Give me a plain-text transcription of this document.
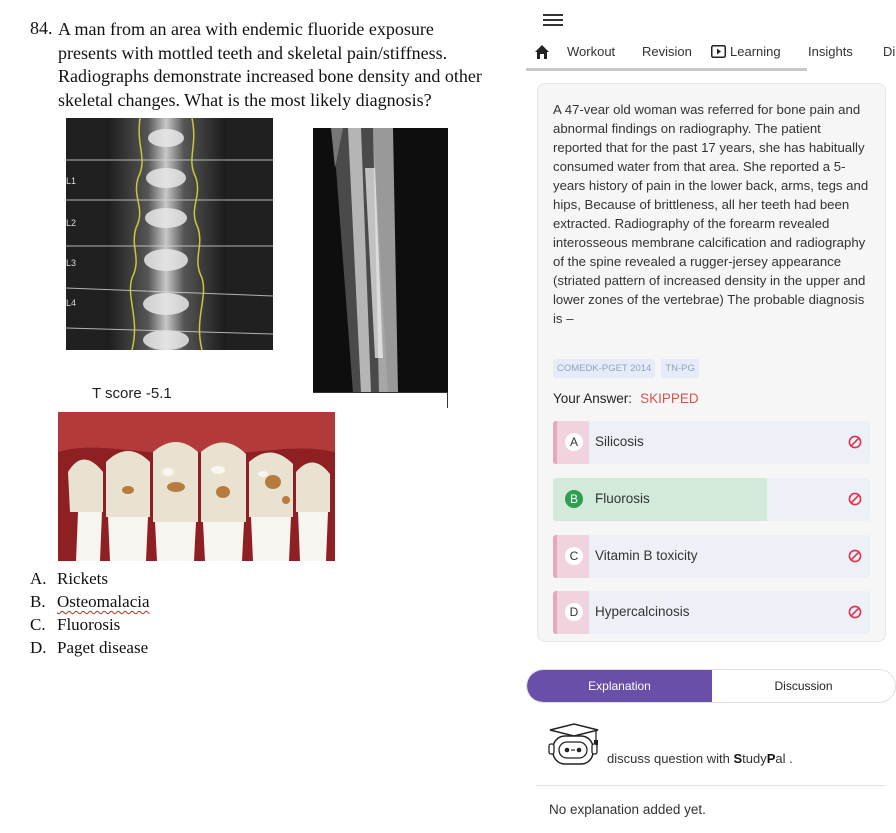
84. A man from an area with endemic fluoride exposure
presents with mottled teeth and skeletal pain/stiffness.
Radiographs demonstrate increased bone density and other
skeletal changes. What is the most likely diagnosis?
L1
L2
L3
L4
T score -5.1
A. Rickets
B. Osteomalacia
C. Fluorosis
D. Paget disease
Workout Revision	Learning Insights Di
A 47-vear old woman was referred for bone pain and abnormal findings on radiography. The patient reported that for the past 17 years, she has habitually consumed water from that area. She reported a 5-years history of pain in the lower back, arms, tegs and hips, Because of brittleness, all her teeth had been extracted. Radiography of the forearm revealed interosseous membrane calcification and radiography of the spine revealed a rugger-jersey appearance (striated pattern of increased density in the upper and lower zones of the vertebrae) The probable diagnosis is –
COMEDK-PGET 2014 TN-PG
Your Answer: SKIPPED
A	Silicosis
B	Fluorosis
C	Vitamin B toxicity
D	Hypercalcinosis
Explanation	Discussion
discuss question with StudyPal .
No explanation added yet.
